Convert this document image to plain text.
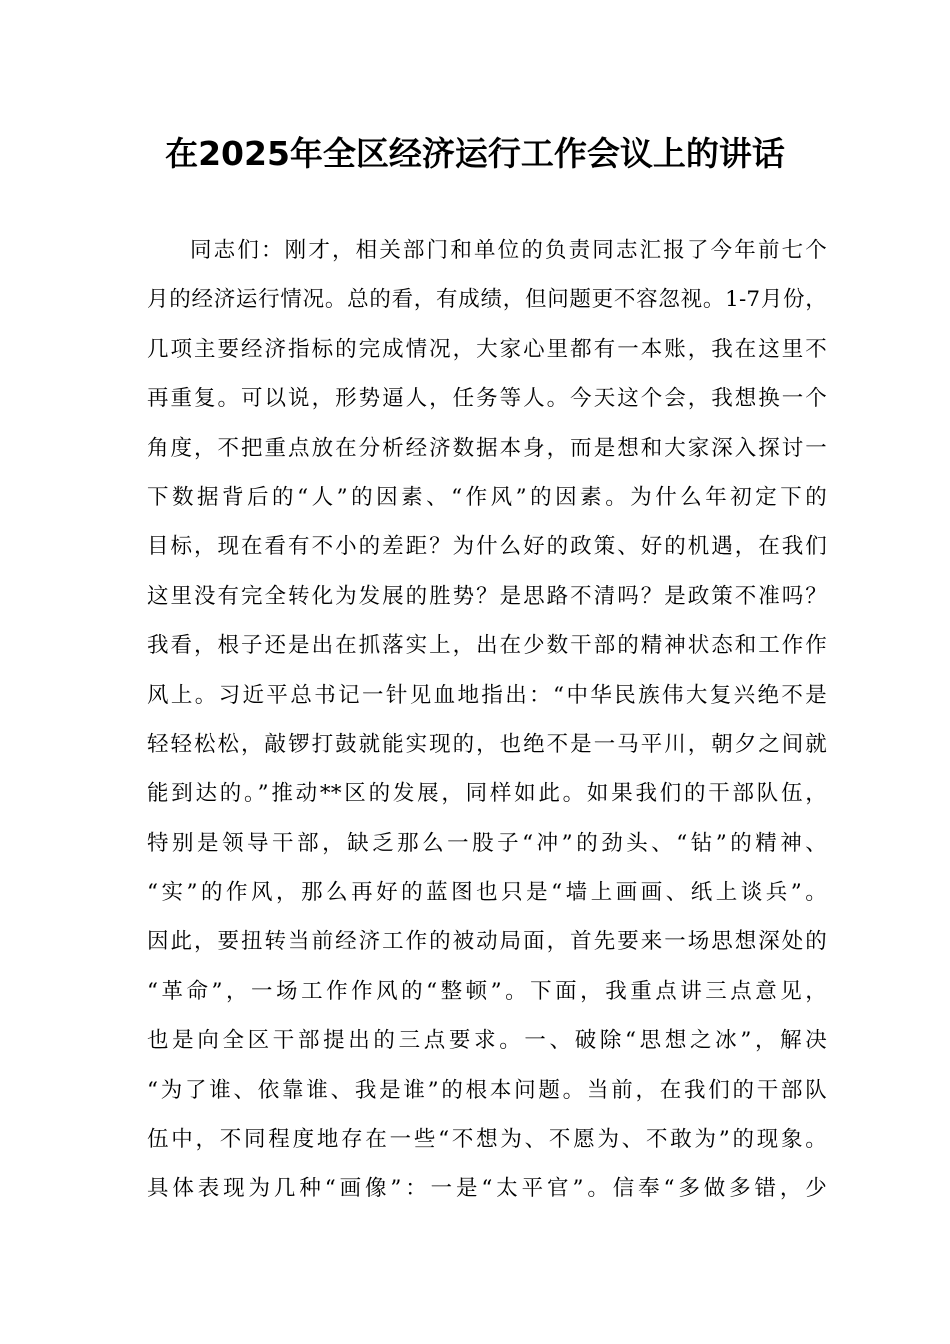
在2025年全区经济运行工作会议上的讲话
同志们：刚才，相关部门和单位的负责同志汇报了今年前七个
月的经济运行情况。总的看，有成绩，但问题更不容忽视。1-7月份，
几项主要经济指标的完成情况，大家心里都有一本账，我在这里不
再重复。可以说，形势逼人，任务等人。今天这个会，我想换一个
角度，不把重点放在分析经济数据本身，而是想和大家深入探讨一
下数据背后的“人”的因素、“作风”的因素。为什么年初定下的
目标，现在看有不小的差距？为什么好的政策、好的机遇，在我们
这里没有完全转化为发展的胜势？是思路不清吗？是政策不准吗？
我看，根子还是出在抓落实上，出在少数干部的精神状态和工作作
风上。习近平总书记一针见血地指出：“中华民族伟大复兴绝不是
轻轻松松，敲锣打鼓就能实现的，也绝不是一马平川，朝夕之间就
能到达的。”推动**区的发展，同样如此。如果我们的干部队伍，
特别是领导干部，缺乏那么一股子“冲”的劲头、“钻”的精神、
“实”的作风，那么再好的蓝图也只是“墙上画画、纸上谈兵”。
因此，要扭转当前经济工作的被动局面，首先要来一场思想深处的
“革命”，一场工作作风的“整顿”。下面，我重点讲三点意见，
也是向全区干部提出的三点要求。一、破除“思想之冰”，解决
“为了谁、依靠谁、我是谁”的根本问题。当前，在我们的干部队
伍中，不同程度地存在一些“不想为、不愿为、不敢为”的现象。
具体表现为几种“画像”：一是“太平官”。信奉“多做多错，少
